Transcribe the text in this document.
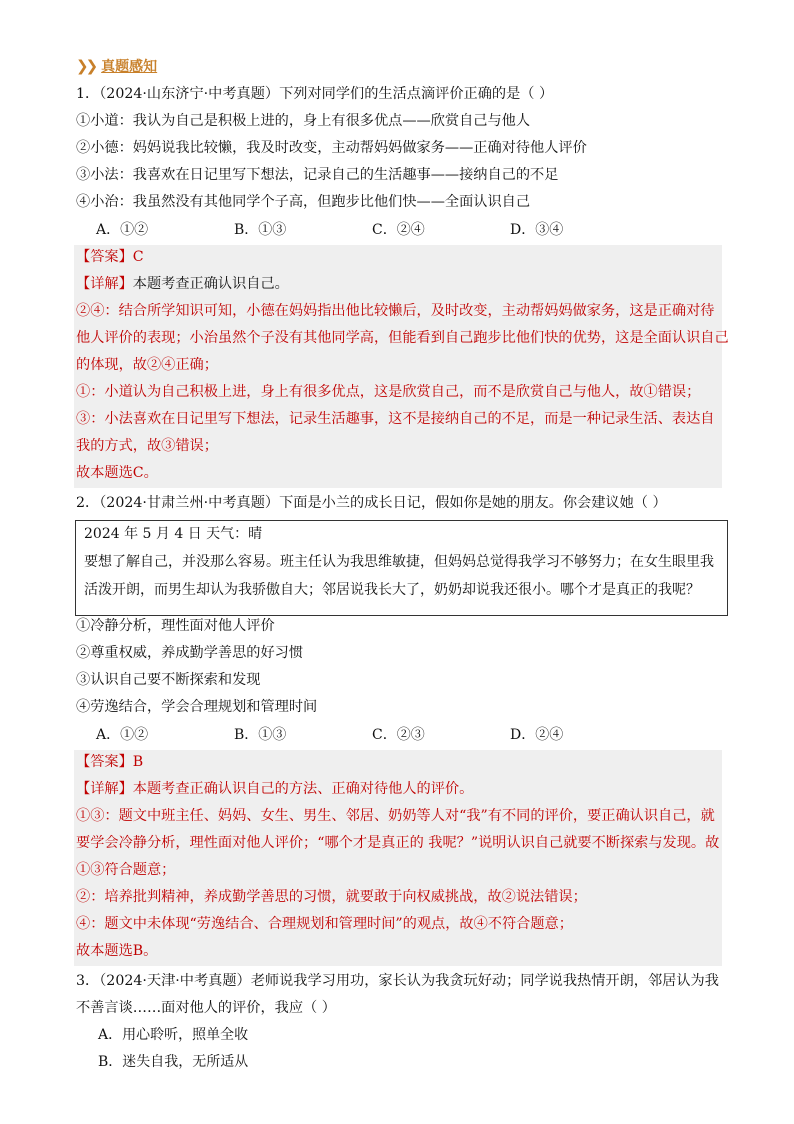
❯❯ 真题感知
1．（2024·山东济宁·中考真题）下列对同学们的生活点滴评价正确的是（ ）
①小道：我认为自己是积极上进的，身上有很多优点——欣赏自己与他人
②小德：妈妈说我比较懒，我及时改变，主动帮妈妈做家务——正确对待他人评价
③小法：我喜欢在日记里写下想法，记录自己的生活趣事——接纳自己的不足
④小治：我虽然没有其他同学个子高，但跑步比他们快——全面认识自己
A．①②	B．①③	C．②④	D．③④
【答案】C
【详解】本题考查正确认识自己。
②④：结合所学知识可知，小德在妈妈指出他比较懒后，及时改变，主动帮妈妈做家务，这是正确对待
他人评价的表现；小治虽然个子没有其他同学高，但能看到自己跑步比他们快的优势，这是全面认识自己
的体现，故②④正确；
①：小道认为自己积极上进，身上有很多优点，这是欣赏自己，而不是欣赏自己与他人，故①错误；
③：小法喜欢在日记里写下想法，记录生活趣事，这不是接纳自己的不足，而是一种记录生活、表达自
我的方式，故③错误；
故本题选C。
2．（2024·甘肃兰州·中考真题）下面是小兰的成长日记，假如你是她的朋友。你会建议她（ ）
2024 年 5 月 4 日 天气：晴
要想了解自己，并没那么容易。班主任认为我思维敏捷，但妈妈总觉得我学习不够努力；在女生眼里我
活泼开朗，而男生却认为我骄傲自大；邻居说我长大了，奶奶却说我还很小。哪个才是真正的我呢？
①冷静分析，理性面对他人评价
②尊重权威，养成勤学善思的好习惯
③认识自己要不断探索和发现
④劳逸结合，学会合理规划和管理时间
A．①②	B．①③	C．②③	D．②④
【答案】B
【详解】本题考查正确认识自己的方法、正确对待他人的评价。
①③：题文中班主任、妈妈、女生、男生、邻居、奶奶等人对“我”有不同的评价，要正确认识自己，就
要学会冷静分析，理性面对他人评价；“哪个才是真正的 我呢？”说明认识自己就要不断探索与发现。故
①③符合题意；
②：培养批判精神，养成勤学善思的习惯，就要敢于向权威挑战，故②说法错误；
④：题文中未体现“劳逸结合、合理规划和管理时间”的观点，故④不符合题意；
故本题选B。
3．（2024·天津·中考真题）老师说我学习用功，家长认为我贪玩好动；同学说我热情开朗，邻居认为我
不善言谈……面对他人的评价，我应（ ）
A．用心聆听，照单全收
B．迷失自我，无所适从
